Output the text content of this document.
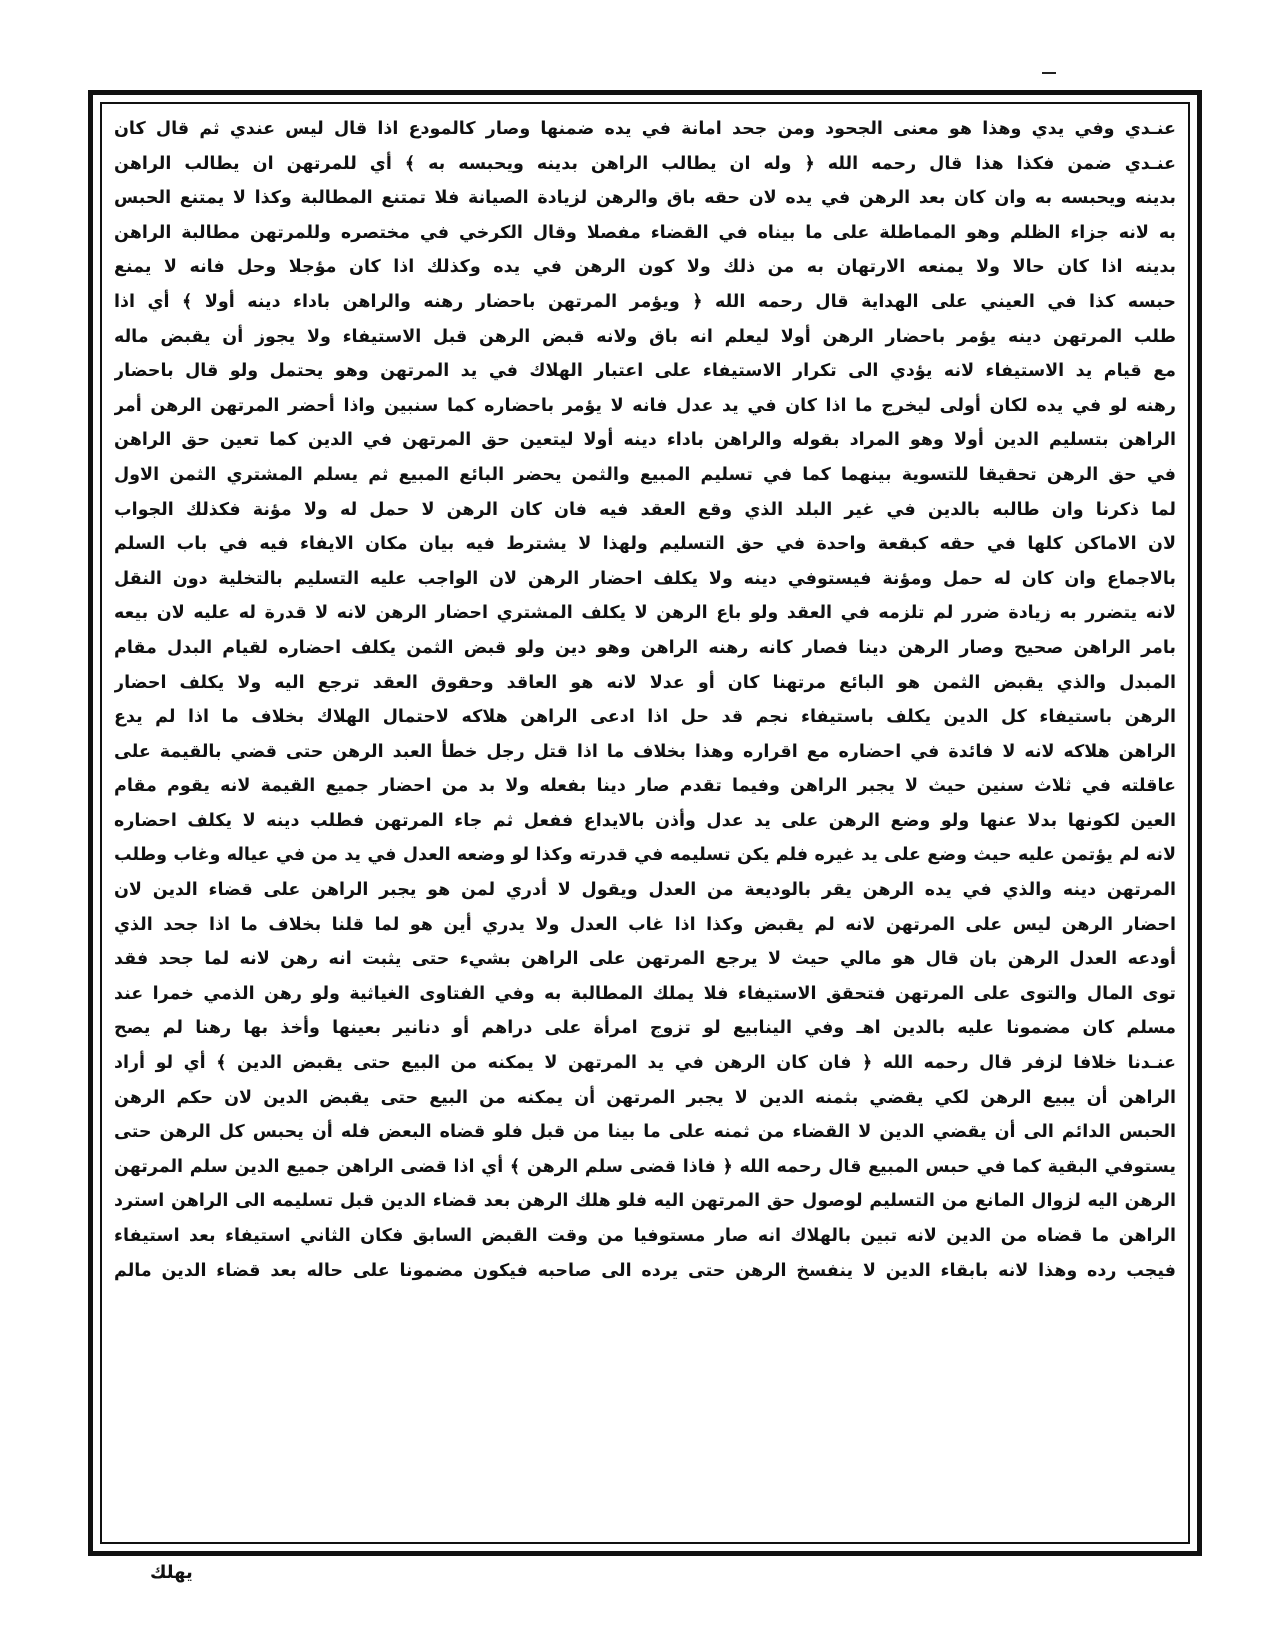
عنـدي وفي يدي وهذا هو معنى الجحود ومن جحد امانة في يده ضمنها وصار كالمودع اذا قال ليس عندي ثم قال كان
عنـدي ضمن فكذا هذا قال رحمه الله ﴿ وله ان يطالب الراهن بدينه ويحبسه به ﴾ أي للمرتهن ان يطالب الراهن
بدينه ويحبسه به وان كان بعد الرهن في يده لان حقه باق والرهن لزيادة الصيانة فلا تمتنع المطالبة وكذا لا يمتنع الحبس
به لانه جزاء الظلم وهو المماطلة على ما بيناه في القضاء مفصلا وقال الكرخي في مختصره وللمرتهن مطالبة الراهن
بدينه اذا كان حالا ولا يمنعه الارتهان به من ذلك ولا كون الرهن في يده وكذلك اذا كان مؤجلا وحل فانه لا يمنع
حبسه كذا في العيني على الهداية قال رحمه الله ﴿ ويؤمر المرتهن باحضار رهنه والراهن باداء دينه أولا ﴾ أي اذا
طلب المرتهن دينه يؤمر باحضار الرهن أولا ليعلم انه باق ولانه قبض الرهن قبل الاستيفاء ولا يجوز أن يقبض ماله
مع قيام يد الاستيفاء لانه يؤدي الى تكرار الاستيفاء على اعتبار الهلاك في يد المرتهن وهو يحتمل ولو قال باحضار
رهنه لو في يده لكان أولى ليخرج ما اذا كان في يد عدل فانه لا يؤمر باحضاره كما سنبين واذا أحضر المرتهن الرهن أمر
الراهن بتسليم الدين أولا وهو المراد بقوله والراهن باداء دينه أولا ليتعين حق المرتهن في الدين كما تعين حق الراهن
في حق الرهن تحقيقا للتسوية بينهما كما في تسليم المبيع والثمن يحضر البائع المبيع ثم يسلم المشتري الثمن الاول
لما ذكرنا وان طالبه بالدين في غير البلد الذي وقع العقد فيه فان كان الرهن لا حمل له ولا مؤنة فكذلك الجواب
لان الاماكن كلها في حقه كبقعة واحدة في حق التسليم ولهذا لا يشترط فيه بيان مكان الايفاء فيه في باب السلم
بالاجماع وان كان له حمل ومؤنة فيستوفي دينه ولا يكلف احضار الرهن لان الواجب عليه التسليم بالتخلية دون النقل
لانه يتضرر به زيادة ضرر لم تلزمه في العقد ولو باع الرهن لا يكلف المشتري احضار الرهن لانه لا قدرة له عليه لان بيعه
بامر الراهن صحيح وصار الرهن دينا فصار كانه رهنه الراهن وهو دين ولو قبض الثمن يكلف احضاره لقيام البدل مقام
المبدل والذي يقبض الثمن هو البائع مرتهنا كان أو عدلا لانه هو العاقد وحقوق العقد ترجع اليه ولا يكلف احضار
الرهن باستيفاء كل الدين يكلف باستيفاء نجم قد حل اذا ادعى الراهن هلاكه لاحتمال الهلاك بخلاف ما اذا لم يدع
الراهن هلاكه لانه لا فائدة في احضاره مع اقراره وهذا بخلاف ما اذا قتل رجل خطأ العبد الرهن حتى قضي بالقيمة على
عاقلته في ثلاث سنين حيث لا يجبر الراهن وفيما تقدم صار دينا بفعله ولا بد من احضار جميع القيمة لانه يقوم مقام
العين لكونها بدلا عنها ولو وضع الرهن على يد عدل وأذن بالايداع ففعل ثم جاء المرتهن فطلب دينه لا يكلف احضاره
لانه لم يؤتمن عليه حيث وضع على يد غيره فلم يكن تسليمه في قدرته وكذا لو وضعه العدل في يد من في عياله وغاب وطلب
المرتهن دينه والذي في يده الرهن يقر بالوديعة من العدل ويقول لا أدري لمن هو يجبر الراهن على قضاء الدين لان
احضار الرهن ليس على المرتهن لانه لم يقبض وكذا اذا غاب العدل ولا يدري أين هو لما قلنا بخلاف ما اذا جحد الذي
أودعه العدل الرهن بان قال هو مالي حيث لا يرجع المرتهن على الراهن بشيء حتى يثبت انه رهن لانه لما جحد فقد
توى المال والتوى على المرتهن فتحقق الاستيفاء فلا يملك المطالبة به وفي الفتاوى الغياثية ولو رهن الذمي خمرا عند
مسلم كان مضمونا عليه بالدين اهـ وفي الينابيع لو تزوج امرأة على دراهم أو دنانير بعينها وأخذ بها رهنا لم يصح
عنـدنا خلافا لزفر قال رحمه الله ﴿ فان كان الرهن في يد المرتهن لا يمكنه من البيع حتى يقبض الدين ﴾ أي لو أراد
الراهن أن يبيع الرهن لكي يقضي بثمنه الدين لا يجبر المرتهن أن يمكنه من البيع حتى يقبض الدين لان حكم الرهن
الحبس الدائم الى أن يقضي الدين لا القضاء من ثمنه على ما بينا من قبل فلو قضاه البعض فله أن يحبس كل الرهن حتى
يستوفي البقية كما في حبس المبيع قال رحمه الله ﴿ فاذا قضى سلم الرهن ﴾ أي اذا قضى الراهن جميع الدين سلم المرتهن
الرهن اليه لزوال المانع من التسليم لوصول حق المرتهن اليه فلو هلك الرهن بعد قضاء الدين قبل تسليمه الى الراهن استرد
الراهن ما قضاه من الدين لانه تبين بالهلاك انه صار مستوفيا من وقت القبض السابق فكان الثاني استيفاء بعد استيفاء
فيجب رده وهذا لانه بابقاء الدين لا ينفسخ الرهن حتى يرده الى صاحبه فيكون مضمونا على حاله بعد قضاء الدين مالم
يهلك
